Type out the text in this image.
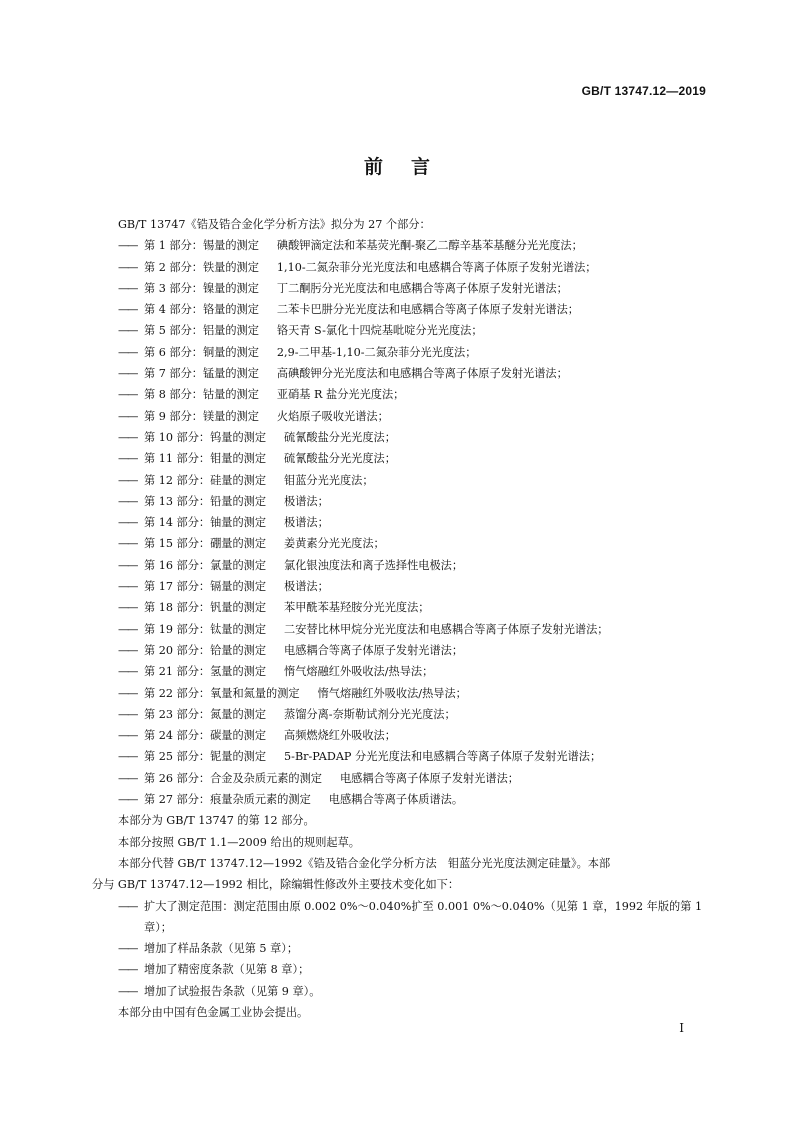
GB/T 13747.12—2019
前言
GB/T 13747《锆及锆合金化学分析方法》拟分为 27 个部分：
—— 第 1 部分：锡量的测定 碘酸钾滴定法和苯基荧光酮-聚乙二醇辛基苯基醚分光光度法；
—— 第 2 部分：铁量的测定 1,10-二氮杂菲分光光度法和电感耦合等离子体原子发射光谱法；
—— 第 3 部分：镍量的测定 丁二酮肟分光光度法和电感耦合等离子体原子发射光谱法；
—— 第 4 部分：铬量的测定 二苯卡巴肼分光光度法和电感耦合等离子体原子发射光谱法；
—— 第 5 部分：铝量的测定 铬天青 S-氯化十四烷基吡啶分光光度法；
—— 第 6 部分：铜量的测定 2,9-二甲基-1,10-二氮杂菲分光光度法；
—— 第 7 部分：锰量的测定 高碘酸钾分光光度法和电感耦合等离子体原子发射光谱法；
—— 第 8 部分：钴量的测定 亚硝基 R 盐分光光度法；
—— 第 9 部分：镁量的测定 火焰原子吸收光谱法；
—— 第 10 部分：钨量的测定 硫氰酸盐分光光度法；
—— 第 11 部分：钼量的测定 硫氰酸盐分光光度法；
—— 第 12 部分：硅量的测定 钼蓝分光光度法；
—— 第 13 部分：铅量的测定 极谱法；
—— 第 14 部分：铀量的测定 极谱法；
—— 第 15 部分：硼量的测定 姜黄素分光光度法；
—— 第 16 部分：氯量的测定 氯化银浊度法和离子选择性电极法；
—— 第 17 部分：镉量的测定 极谱法；
—— 第 18 部分：钒量的测定 苯甲酰苯基羟胺分光光度法；
—— 第 19 部分：钛量的测定 二安替比林甲烷分光光度法和电感耦合等离子体原子发射光谱法；
—— 第 20 部分：铪量的测定 电感耦合等离子体原子发射光谱法；
—— 第 21 部分：氢量的测定 惰气熔融红外吸收法/热导法；
—— 第 22 部分：氧量和氮量的测定 惰气熔融红外吸收法/热导法；
—— 第 23 部分：氮量的测定 蒸馏分离-奈斯勒试剂分光光度法；
—— 第 24 部分：碳量的测定 高频燃烧红外吸收法；
—— 第 25 部分：铌量的测定 5-Br-PADAP 分光光度法和电感耦合等离子体原子发射光谱法；
—— 第 26 部分：合金及杂质元素的测定 电感耦合等离子体原子发射光谱法；
—— 第 27 部分：痕量杂质元素的测定 电感耦合等离子体质谱法。
本部分为 GB/T 13747 的第 12 部分。
本部分按照 GB/T 1.1—2009 给出的规则起草。
本部分代替 GB/T 13747.12—1992《锆及锆合金化学分析方法　钼蓝分光光度法测定硅量》。本部
分与 GB/T 13747.12—1992 相比，除编辑性修改外主要技术变化如下：
—— 扩大了测定范围：测定范围由原 0.002 0%～0.040%扩至 0.001 0%～0.040%（见第 1 章，1992 年版的第 1 章）；
—— 增加了样品条款（见第 5 章）；
—— 增加了精密度条款（见第 8 章）；
—— 增加了试验报告条款（见第 9 章）。
本部分由中国有色金属工业协会提出。
I
